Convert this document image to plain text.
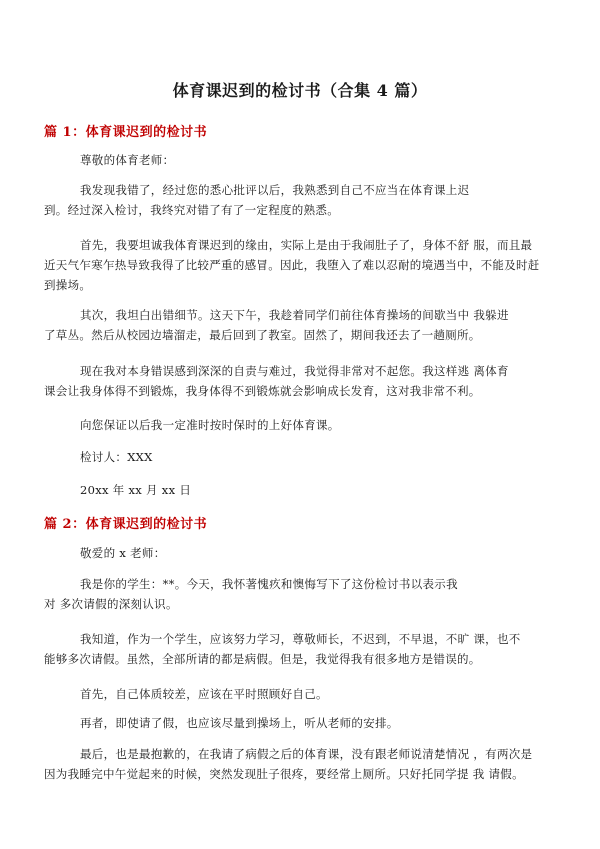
体育课迟到的检讨书（合集 4 篇）
篇 1：体育课迟到的检讨书
尊敬的体育老师：
我发现我错了，经过您的悉心批评以后，我熟悉到自己不应当在体育课上迟
到。经过深入检讨，我终究对错了有了一定程度的熟悉。
首先，我要坦诚我体育课迟到的缘由，实际上是由于我闹肚子了，身体不舒 服，而且最
近天气乍寒乍热导致我得了比较严重的感冒。因此，我堕入了难以忍耐的境遇当中，不能及时赶
到操场。
其次，我坦白出错细节。这天下午，我趁着同学们前往体育操场的间歇当中 我躲进
了草丛。然后从校园边墙溜走，最后回到了教室。固然了，期间我还去了一趟厕所。
现在我对本身错误感到深深的自责与难过，我觉得非常对不起您。我这样逃 离体育
课会让我身体得不到锻炼，我身体得不到锻炼就会影响成长发育，这对我非常不利。
向您保证以后我一定准时按时保时的上好体育课。
检讨人：XXX
20xx 年 xx 月 xx 日
篇 2：体育课迟到的检讨书
敬爱的 x 老师：
我是你的学生：**。今天，我怀著愧疚和懊悔写下了这份检讨书以表示我
对 多次请假的深刻认识。
我知道，作为一个学生，应该努力学习，尊敬师长，不迟到，不早退，不旷 课，也不
能够多次请假。虽然，全部所请的都是病假。但是，我觉得我有很多地方是错误的。
首先，自己体质较差，应该在平时照顾好自己。
再者，即使请了假，也应该尽量到操场上，听从老师的安排。
最后，也是最抱歉的，在我请了病假之后的体育课，没有跟老师说清楚情况 ，有两次是
因为我睡完中午觉起来的时候，突然发现肚子很疼，要经常上厕所。只好托同学提 我 请假。
